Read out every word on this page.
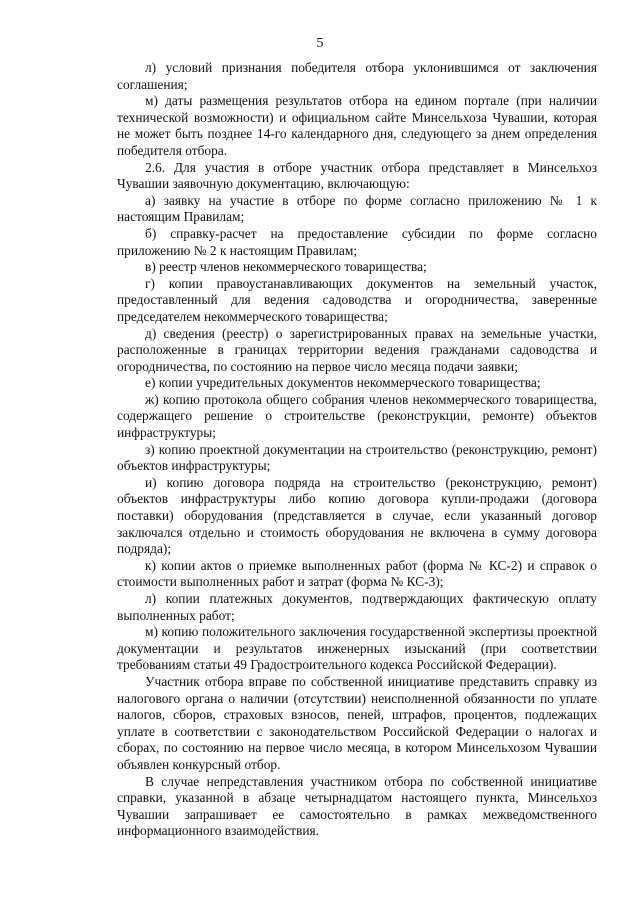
5

л) условий признания победителя отбора уклонившимся от заключения соглашения;

м) даты размещения результатов отбора на едином портале (при наличии технической возможности) и официальном сайте Минсельхоза Чувашии, которая не может быть позднее 14-го календарного дня, следующего за днем определения победителя отбора.

2.6. Для участия в отборе участник отбора представляет в Минсельхоз Чувашии заявочную документацию, включающую:

а) заявку на участие в отборе по форме согласно приложению № 1 к настоящим Правилам;

б) справку-расчет на предоставление субсидии по форме согласно приложению № 2 к настоящим Правилам;

в) реестр членов некоммерческого товарищества;

г) копии правоустанавливающих документов на земельный участок, предоставленный для ведения садоводства и огородничества, заверенные председателем некоммерческого товарищества;

д) сведения (реестр) о зарегистрированных правах на земельные участки, расположенные в границах территории ведения гражданами садоводства и огородничества, по состоянию на первое число месяца подачи заявки;

е) копии учредительных документов некоммерческого товарищества;

ж) копию протокола общего собрания членов некоммерческого товарищества, содержащего решение о строительстве (реконструкции, ремонте) объектов инфраструктуры;

з) копию проектной документации на строительство (реконструкцию, ремонт) объектов инфраструктуры;

и) копию договора подряда на строительство (реконструкцию, ремонт) объектов инфраструктуры либо копию договора купли-продажи (договора поставки) оборудования (представляется в случае, если указанный договор заключался отдельно и стоимость оборудования не включена в сумму договора подряда);

к) копии актов о приемке выполненных работ (форма № КС-2) и справок о стоимости выполненных работ и затрат (форма № КС-3);

л) копии платежных документов, подтверждающих фактическую оплату выполненных работ;

м) копию положительного заключения государственной экспертизы проектной документации и результатов инженерных изысканий (при соответствии требованиям статьи 49 Градостроительного кодекса Российской Федерации).

Участник отбора вправе по собственной инициативе представить справку из налогового органа о наличии (отсутствии) неисполненной обязанности по уплате налогов, сборов, страховых взносов, пеней, штрафов, процентов, подлежащих уплате в соответствии с законодательством Российской Федерации о налогах и сборах, по состоянию на первое число месяца, в котором Минсельхозом Чувашии объявлен конкурсный отбор.

В случае непредставления участником отбора по собственной инициативе справки, указанной в абзаце четырнадцатом настоящего пункта, Минсельхоз Чувашии запрашивает ее самостоятельно в рамках межведомственного информационного взаимодействия.
